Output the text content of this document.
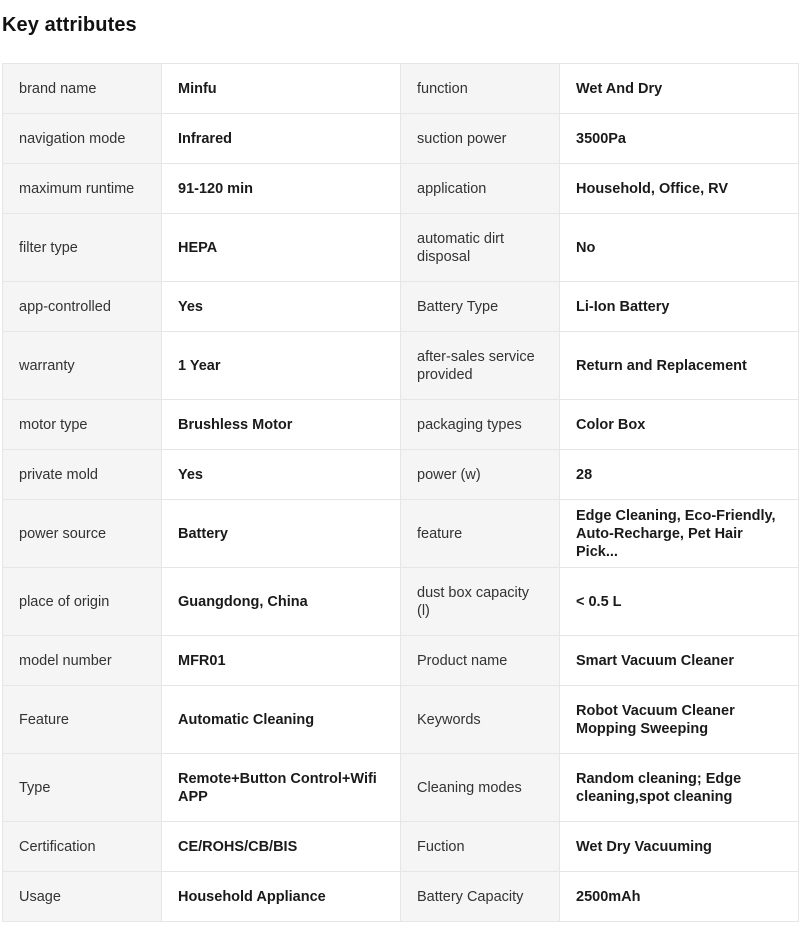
Key attributes
brand name	Minfu	function	Wet And Dry
navigation mode	Infrared	suction power	3500Pa
maximum runtime	91-120 min	application	Household, Office, RV
filter type	HEPA	automatic dirt disposal	No
app-controlled	Yes	Battery Type	Li-Ion Battery
warranty	1 Year	after-sales service provided	Return and Replacement
motor type	Brushless Motor	packaging types	Color Box
private mold	Yes	power (w)	28
power source	Battery	feature	Edge Cleaning, Eco-Friendly, Auto-Recharge, Pet Hair Pick...
place of origin	Guangdong, China	dust box capacity (l)	< 0.5 L
model number	MFR01	Product name	Smart Vacuum Cleaner
Feature	Automatic Cleaning	Keywords	Robot Vacuum Cleaner Mopping Sweeping
Type	Remote+Button Control+Wifi APP	Cleaning modes	Random cleaning; Edge cleaning,spot cleaning
Certification	CE/ROHS/CB/BIS	Fuction	Wet Dry Vacuuming
Usage	Household Appliance	Battery Capacity	2500mAh
